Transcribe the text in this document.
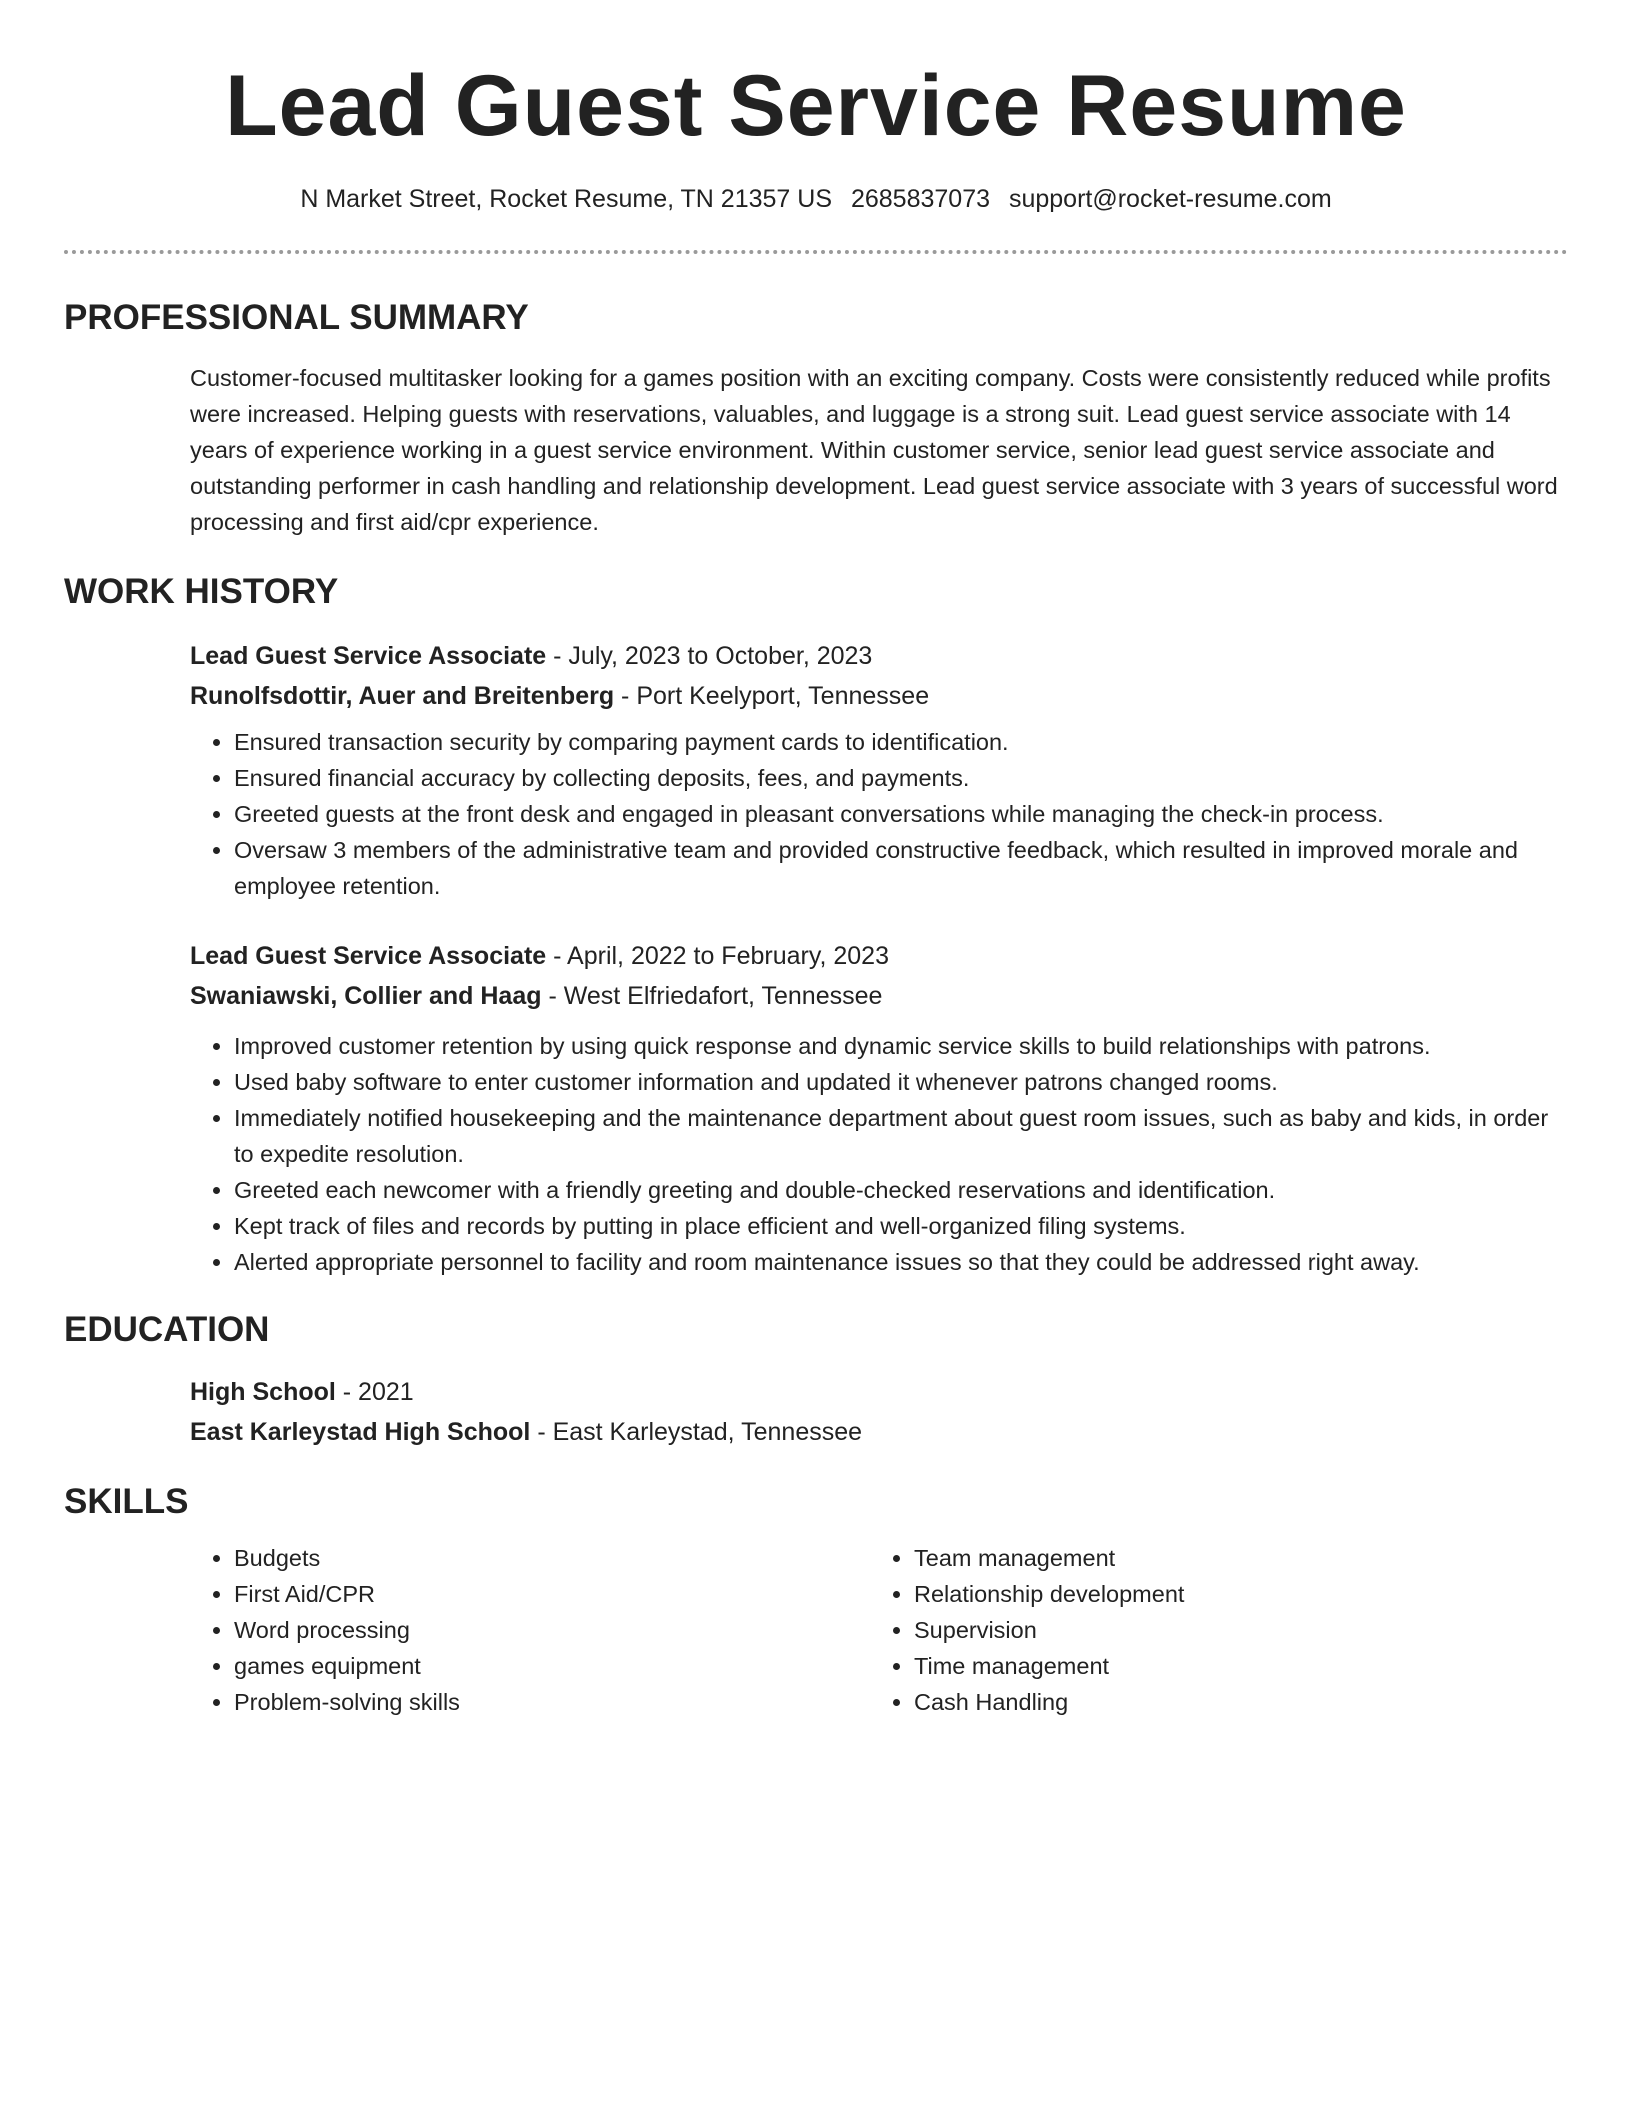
Lead Guest Service Resume
N Market Street, Rocket Resume, TN 21357 US 2685837073 support@rocket-resume.com
PROFESSIONAL SUMMARY

Customer-focused multitasker looking for a games position with an exciting company. Costs were consistently reduced while profits were increased. Helping guests with reservations, valuables, and luggage is a strong suit. Lead guest service associate with 14 years of experience working in a guest service environment. Within customer service, senior lead guest service associate and outstanding performer in cash handling and relationship development. Lead guest service associate with 3 years of successful word processing and first aid/cpr experience.

WORK HISTORY
Lead Guest Service Associate - July, 2023 to October, 2023
Runolfsdottir, Auer and Breitenberg - Port Keelyport, Tennessee
• Ensured transaction security by comparing payment cards to identification.
• Ensured financial accuracy by collecting deposits, fees, and payments.
• Greeted guests at the front desk and engaged in pleasant conversations while managing the check-in process.
• Oversaw 3 members of the administrative team and provided constructive feedback, which resulted in improved morale and employee retention.
Lead Guest Service Associate - April, 2022 to February, 2023
Swaniawski, Collier and Haag - West Elfriedafort, Tennessee
• Improved customer retention by using quick response and dynamic service skills to build relationships with patrons.
• Used baby software to enter customer information and updated it whenever patrons changed rooms.
• Immediately notified housekeeping and the maintenance department about guest room issues, such as baby and kids, in order to expedite resolution.
• Greeted each newcomer with a friendly greeting and double-checked reservations and identification.
• Kept track of files and records by putting in place efficient and well-organized filing systems.
• Alerted appropriate personnel to facility and room maintenance issues so that they could be addressed right away.
EDUCATION
High School - 2021
East Karleystad High School - East Karleystad, Tennessee
SKILLS
• Budgets
• First Aid/CPR
• Word processing
• games equipment
• Problem-solving skills
• Team management
• Relationship development
• Supervision
• Time management
• Cash Handling
